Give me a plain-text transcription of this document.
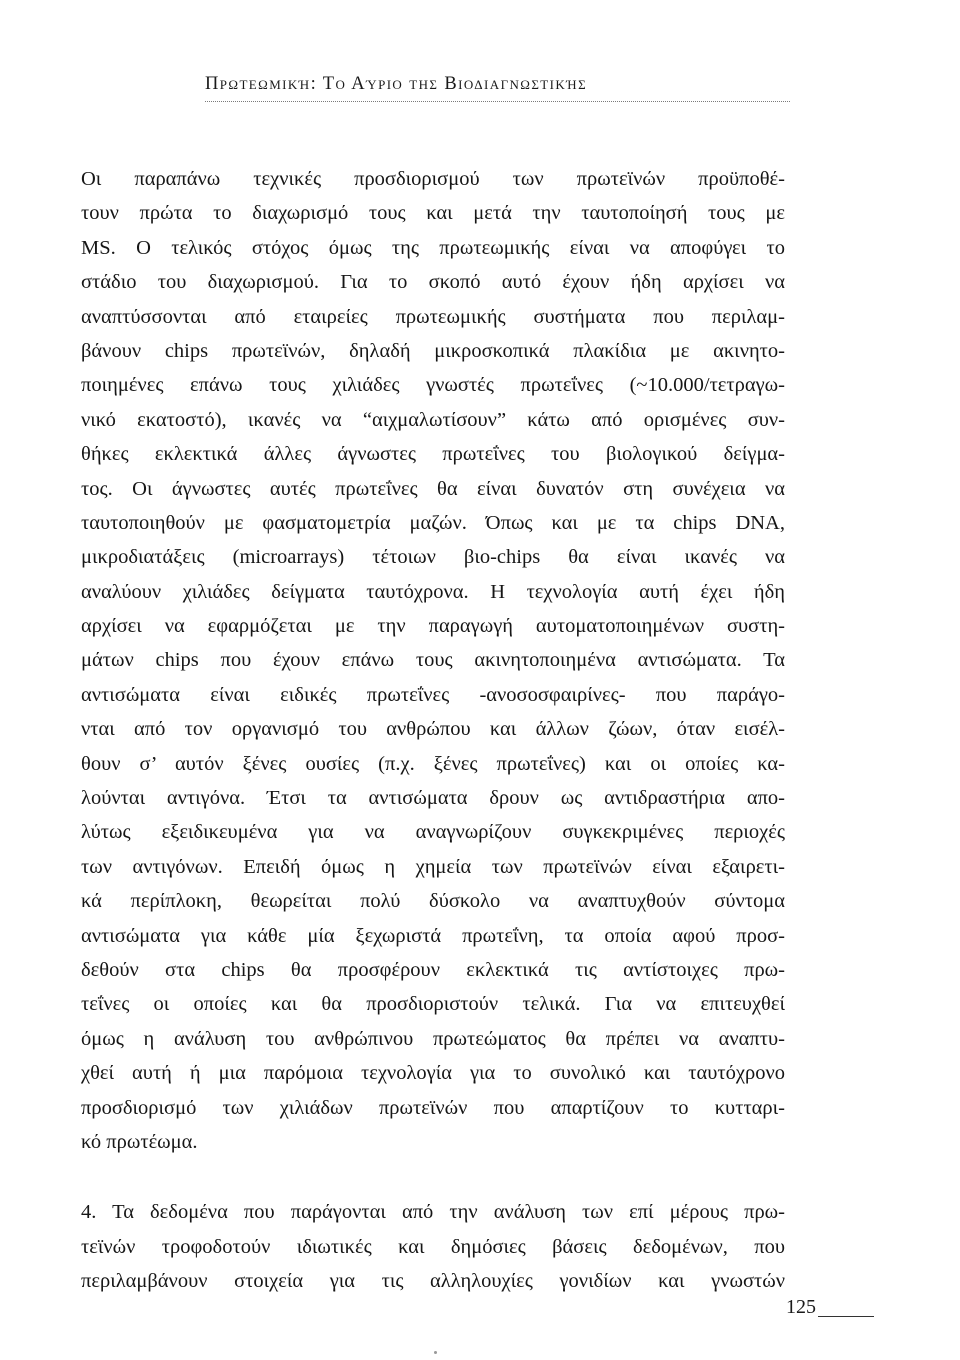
Πρωτεωμική: Το Αύριο της Βιοδιαγνωστικής
Οι παραπάνω τεχνικές προσδιορισμού των πρωτεϊνών προϋποθέ-
τουν πρώτα το διαχωρισμό τους και μετά την ταυτοποίησή τους με
MS. Ο τελικός στόχος όμως της πρωτεωμικής είναι να αποφύγει το
στάδιο του διαχωρισμού. Για το σκοπό αυτό έχουν ήδη αρχίσει να
αναπτύσσονται από εταιρείες πρωτεωμικής συστήματα που περιλαμ-
βάνουν chips πρωτεϊνών, δηλαδή μικροσκοπικά πλακίδια με ακινητο-
ποιημένες επάνω τους χιλιάδες γνωστές πρωτεΐνες (~10.000/τετραγω-
νικό εκατοστό), ικανές να “αιχμαλωτίσουν” κάτω από ορισμένες συν-
θήκες εκλεκτικά άλλες άγνωστες πρωτεΐνες του βιολογικού δείγμα-
τος. Οι άγνωστες αυτές πρωτεΐνες θα είναι δυνατόν στη συνέχεια να
ταυτοποιηθούν με φασματομετρία μαζών. Όπως και με τα chips DNA,
μικροδιατάξεις (microarrays) τέτοιων βιο-chips θα είναι ικανές να
αναλύουν χιλιάδες δείγματα ταυτόχρονα. Η τεχνολογία αυτή έχει ήδη
αρχίσει να εφαρμόζεται με την παραγωγή αυτοματοποιημένων συστη-
μάτων chips που έχουν επάνω τους ακινητοποιημένα αντισώματα. Τα
αντισώματα είναι ειδικές πρωτεΐνες -ανοσοσφαιρίνες- που παράγο-
νται από τον οργανισμό του ανθρώπου και άλλων ζώων, όταν εισέλ-
θουν σ’ αυτόν ξένες ουσίες (π.χ. ξένες πρωτεΐνες) και οι οποίες κα-
λούνται αντιγόνα. Έτσι τα αντισώματα δρουν ως αντιδραστήρια απο-
λύτως εξειδικευμένα για να αναγνωρίζουν συγκεκριμένες περιοχές
των αντιγόνων. Επειδή όμως η χημεία των πρωτεϊνών είναι εξαιρετι-
κά περίπλοκη, θεωρείται πολύ δύσκολο να αναπτυχθούν σύντομα
αντισώματα για κάθε μία ξεχωριστά πρωτεΐνη, τα οποία αφού προσ-
δεθούν στα chips θα προσφέρουν εκλεκτικά τις αντίστοιχες πρω-
τεΐνες οι οποίες και θα προσδιοριστούν τελικά. Για να επιτευχθεί
όμως η ανάλυση του ανθρώπινου πρωτεώματος θα πρέπει να αναπτυ-
χθεί αυτή ή μια παρόμοια τεχνολογία για το συνολικό και ταυτόχρονο
προσδιορισμό των χιλιάδων πρωτεϊνών που απαρτίζουν το κυτταρι-
κό πρωτέωμα.
4. Τα δεδομένα που παράγονται από την ανάλυση των επί μέρους πρω-
τεϊνών τροφοδοτούν ιδιωτικές και δημόσιες βάσεις δεδομένων, που
περιλαμβάνουν στοιχεία για τις αλληλουχίες γονιδίων και γνωστών
125
